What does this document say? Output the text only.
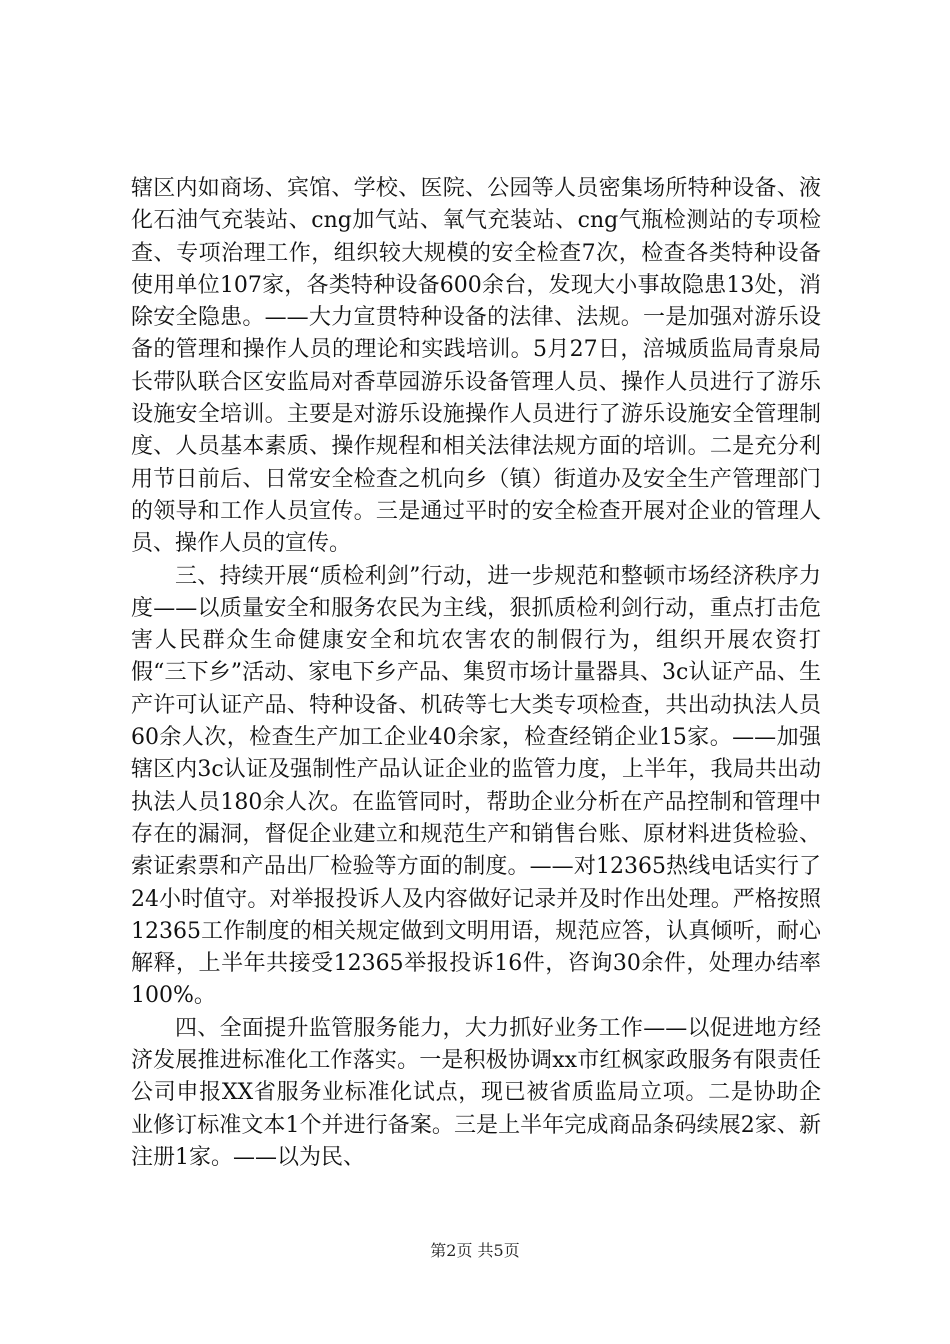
辖区内如商场、宾馆、学校、医院、公园等人员密集场所特种设备、液化石油气充装站、cng加气站、氧气充装站、cng气瓶检测站的专项检查、专项治理工作，组织较大规模的安全检查7次，检查各类特种设备使用单位107家，各类特种设备600余台，发现大小事故隐患13处，消除安全隐患。——大力宣贯特种设备的法律、法规。一是加强对游乐设备的管理和操作人员的理论和实践培训。5月27日，涪城质监局青泉局长带队联合区安监局对香草园游乐设备管理人员、操作人员进行了游乐设施安全培训。主要是对游乐设施操作人员进行了游乐设施安全管理制度、人员基本素质、操作规程和相关法律法规方面的培训。二是充分利用节日前后、日常安全检查之机向乡（镇）街道办及安全生产管理部门的领导和工作人员宣传。三是通过平时的安全检查开展对企业的管理人员、操作人员的宣传。

三、持续开展“质检利剑”行动，进一步规范和整顿市场经济秩序力度——以质量安全和服务农民为主线，狠抓质检利剑行动，重点打击危害人民群众生命健康安全和坑农害农的制假行为，组织开展农资打假“三下乡”活动、家电下乡产品、集贸市场计量器具、3c认证产品、生产许可认证产品、特种设备、机砖等七大类专项检查，共出动执法人员60余人次，检查生产加工企业40余家，检查经销企业15家。——加强辖区内3c认证及强制性产品认证企业的监管力度，上半年，我局共出动执法人员180余人次。在监管同时，帮助企业分析在产品控制和管理中存在的漏洞，督促企业建立和规范生产和销售台账、原材料进货检验、索证索票和产品出厂检验等方面的制度。——对12365热线电话实行了24小时值守。对举报投诉人及内容做好记录并及时作出处理。严格按照12365工作制度的相关规定做到文明用语，规范应答，认真倾听，耐心解释，上半年共接受12365举报投诉16件，咨询30余件，处理办结率100%。

四、全面提升监管服务能力，大力抓好业务工作——以促进地方经济发展推进标准化工作落实。一是积极协调xx市红枫家政服务有限责任公司申报XX省服务业标准化试点，现已被省质监局立项。二是协助企业修订标准文本1个并进行备案。三是上半年完成商品条码续展2家、新注册1家。——以为民、

第2页 共5页
